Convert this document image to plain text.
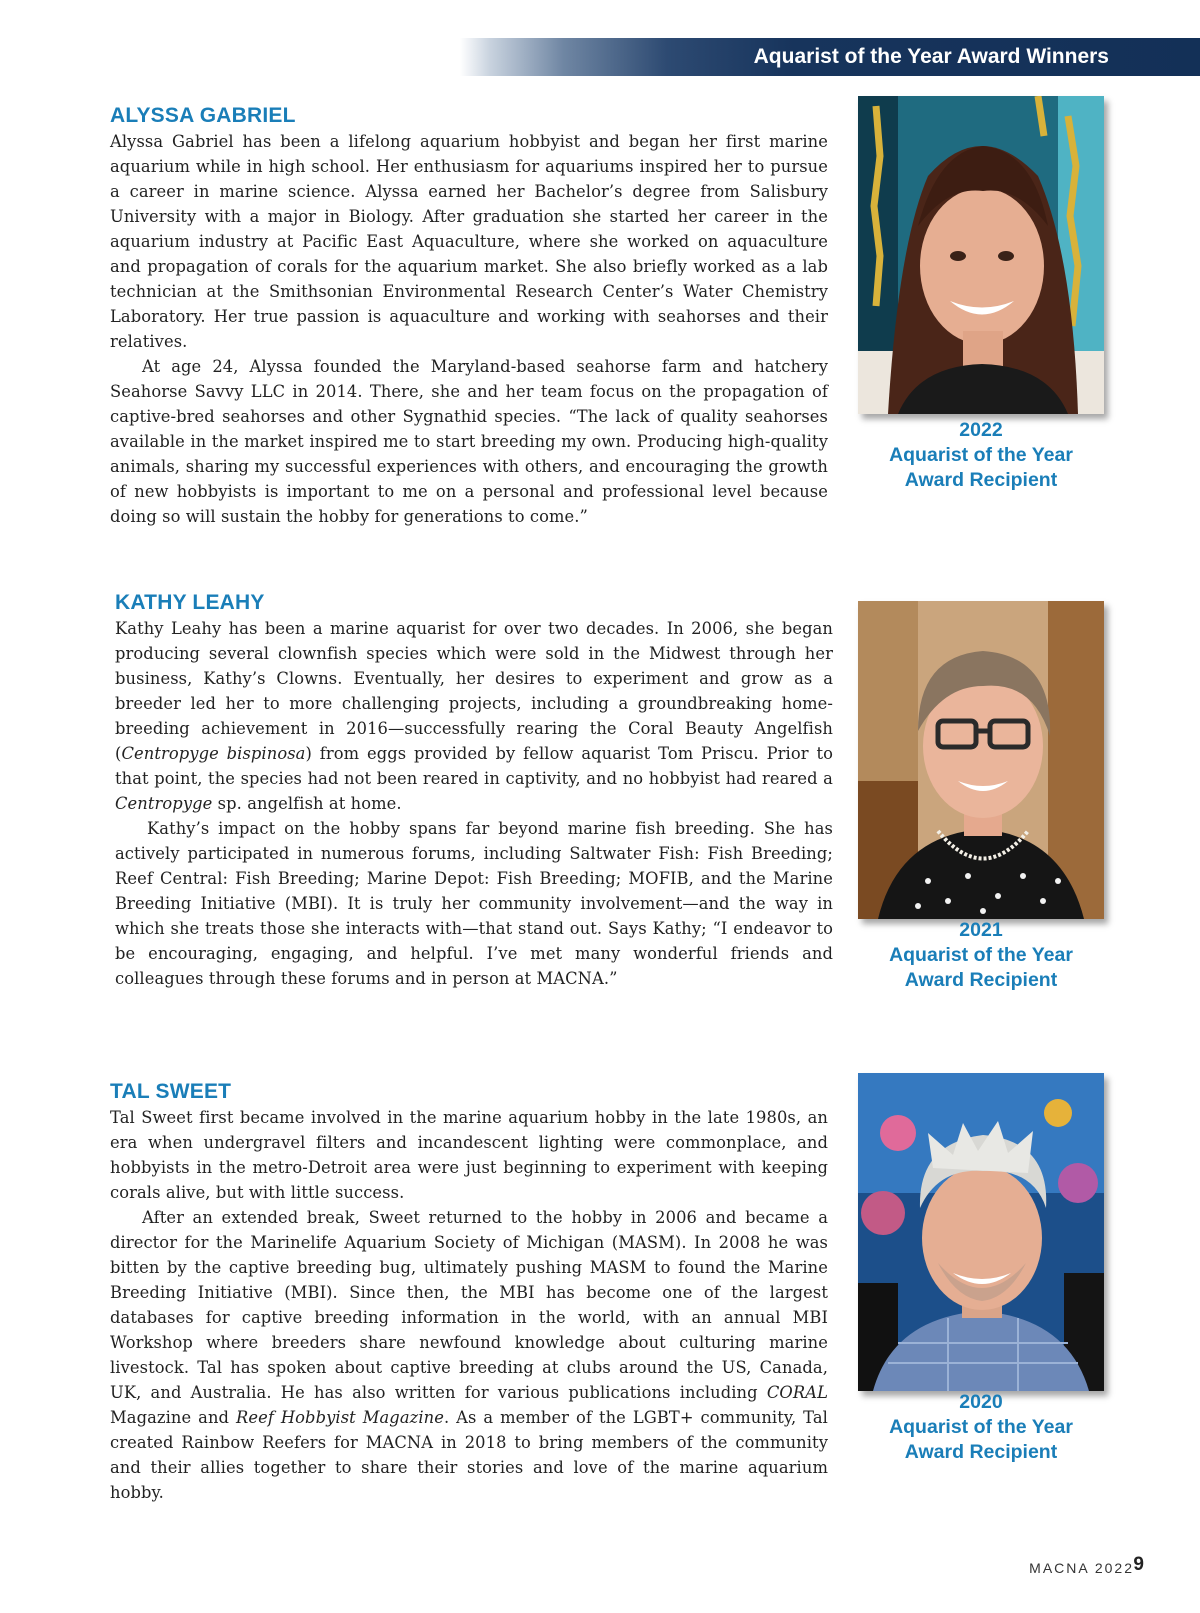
Aquarist of the Year Award Winners
ALYSSA GABRIEL

Alyssa Gabriel has been a lifelong aquarium hobbyist and began her first marine aquarium while in high school. Her enthusiasm for aquariums inspired her to pursue a career in marine science. Alyssa earned her Bachelor’s degree from Salisbury University with a major in Biology. After graduation she started her career in the aquarium industry at Pacific East Aquaculture, where she worked on aquaculture and propagation of corals for the aquarium market. She also briefly worked as a lab technician at the Smithsonian Environmental Research Center’s Water Chemistry Laboratory. Her true passion is aquaculture and working with seahorses and their relatives.

At age 24, Alyssa founded the Maryland-based seahorse farm and hatchery Seahorse Savvy LLC in 2014. There, she and her team focus on the propagation of captive-bred seahorses and other Sygnathid species. “The lack of quality seahorses available in the market inspired me to start breeding my own. Producing high-quality animals, sharing my successful experiences with others, and encouraging the growth of new hobbyists is important to me on a personal and professional level because doing so will sustain the hobby for generations to come.”

2022
Aquarist of the Year
Award Recipient
KATHY LEAHY

Kathy Leahy has been a marine aquarist for over two decades. In 2006, she began producing several clownfish species which were sold in the Midwest through her business, Kathy’s Clowns. Eventually, her desires to experiment and grow as a breeder led her to more challenging projects, including a groundbreaking home-breeding achievement in 2016—successfully rearing the Coral Beauty Angelfish (Centropyge bispinosa) from eggs provided by fellow aquarist Tom Priscu. Prior to that point, the species had not been reared in captivity, and no hobbyist had reared a Centropyge sp. angelfish at home.

Kathy’s impact on the hobby spans far beyond marine fish breeding. She has actively participated in numerous forums, including Saltwater Fish: Fish Breeding; Reef Central: Fish Breeding; Marine Depot: Fish Breeding; MOFIB, and the Marine Breeding Initiative (MBI). It is truly her community involvement—and the way in which she treats those she interacts with—that stand out. Says Kathy; “I endeavor to be encouraging, engaging, and helpful. I’ve met many wonderful friends and colleagues through these forums and in person at MACNA.”

2021
Aquarist of the Year
Award Recipient
TAL SWEET

Tal Sweet first became involved in the marine aquarium hobby in the late 1980s, an era when undergravel filters and incandescent lighting were commonplace, and hobbyists in the metro-Detroit area were just beginning to experiment with keeping corals alive, but with little success.

After an extended break, Sweet returned to the hobby in 2006 and became a director for the Marinelife Aquarium Society of Michigan (MASM). In 2008 he was bitten by the captive breeding bug, ultimately pushing MASM to found the Marine Breeding Initiative (MBI). Since then, the MBI has become one of the largest databases for captive breeding information in the world, with an annual MBI Workshop where breeders share newfound knowledge about culturing marine livestock. Tal has spoken about captive breeding at clubs around the US, Canada, UK, and Australia. He has also written for various publications including CORAL Magazine and Reef Hobbyist Magazine. As a member of the LGBT+ community, Tal created Rainbow Reefers for MACNA in 2018 to bring members of the community and their allies together to share their stories and love of the marine aquarium hobby.

2020
Aquarist of the Year
Award Recipient
MACNA 2022 9
